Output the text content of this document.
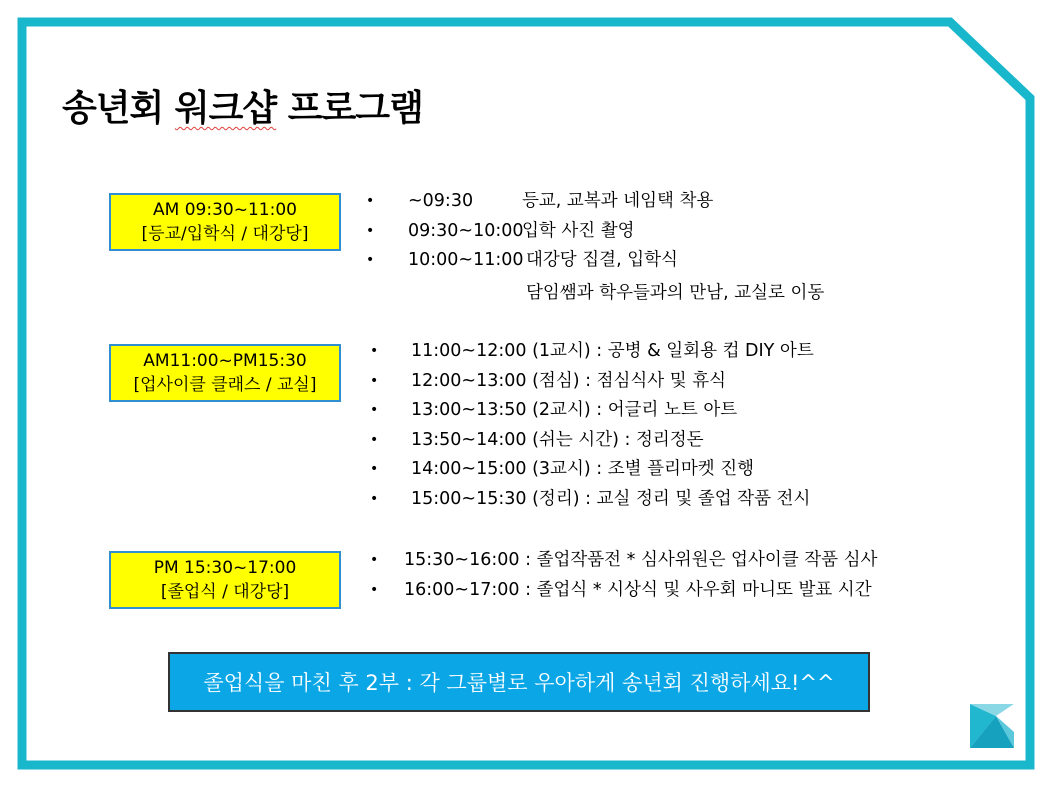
송년회 워크샵 프로그램
AM 09:30~11:00
[등교/입학식 / 대강당]
• ~09:30	등교, 교복과 네임택 착용
• 09:30~10:00
입학 사진 촬영
• 10:00~11:00 대강당 집결, 입학식
담임쌤과 학우들과의 만남, 교실로 이동
AM11:00~PM15:30
[업사이클 클래스 / 교실]
• 11:00~12:00 (1교시) : 공병 & 일회용 컵 DIY 아트
• 12:00~13:00 (점심) : 점심식사 및 휴식
• 13:00~13:50 (2교시) : 어글리 노트 아트
• 13:50~14:00 (쉬는 시간) : 정리정돈
• 14:00~15:00 (3교시) : 조별 플리마켓 진행
• 15:00~15:30 (정리) : 교실 정리 및 졸업 작품 전시
PM 15:30~17:00
[졸업식 / 대강당]
• 15:30~16:00 : 졸업작품전 * 심사위원은 업사이클 작품 심사
• 16:00~17:00 : 졸업식 * 시상식 및 사우회 마니또 발표 시간
졸업식을 마친 후 2부 : 각 그룹별로 우아하게 송년회 진행하세요!^^
